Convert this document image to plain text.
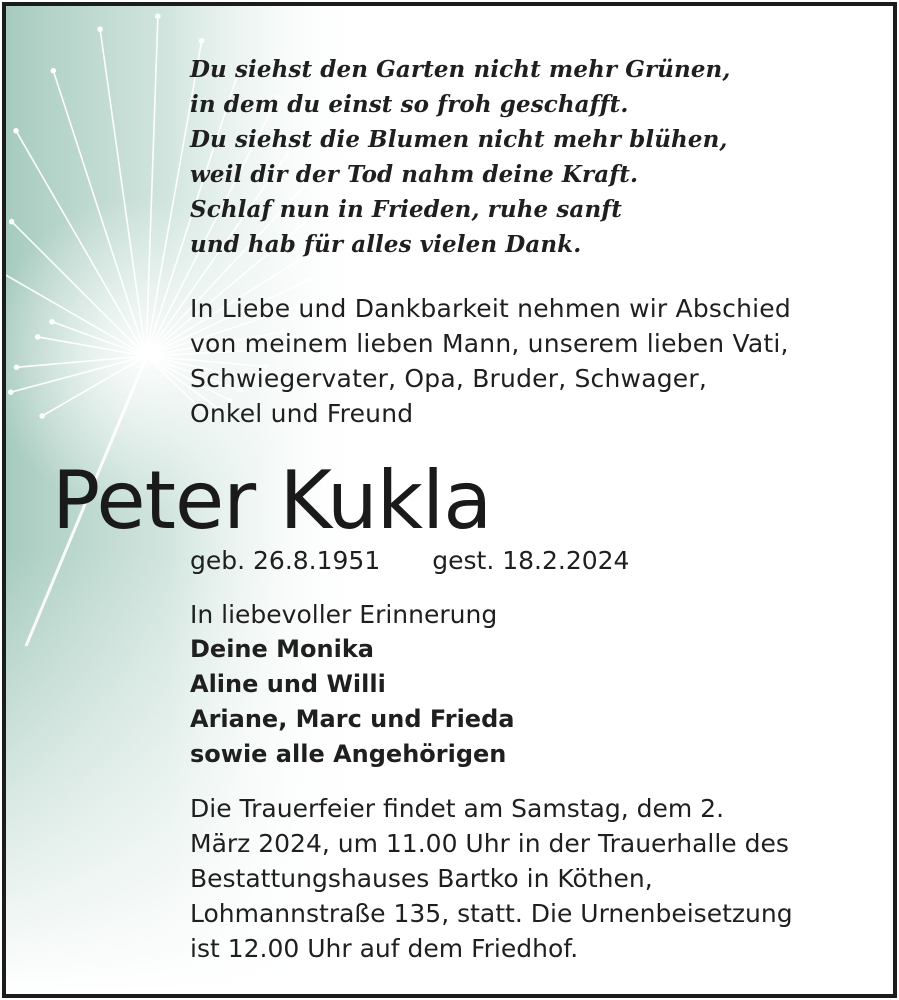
Du siehst den Garten nicht mehr Grünen,
in dem du einst so froh geschafft.
Du siehst die Blumen nicht mehr blühen,
weil dir der Tod nahm deine Kraft.
Schlaf nun in Frieden, ruhe sanft
und hab für alles vielen Dank.
In Liebe und Dankbarkeit nehmen wir Abschied
von meinem lieben Mann, unserem lieben Vati,
Schwiegervater, Opa, Bruder, Schwager,
Onkel und Freund
Peter Kukla
geb. 26.8.1951 gest. 18.2.2024
In liebevoller Erinnerung
Deine Monika
Aline und Willi
Ariane, Marc und Frieda
sowie alle Angehörigen
Die Trauerfeier findet am Samstag, dem 2.
März 2024, um 11.00 Uhr in der Trauerhalle des
Bestattungshauses Bartko in Köthen,
Lohmannstraße 135, statt. Die Urnenbeisetzung
ist 12.00 Uhr auf dem Friedhof.
